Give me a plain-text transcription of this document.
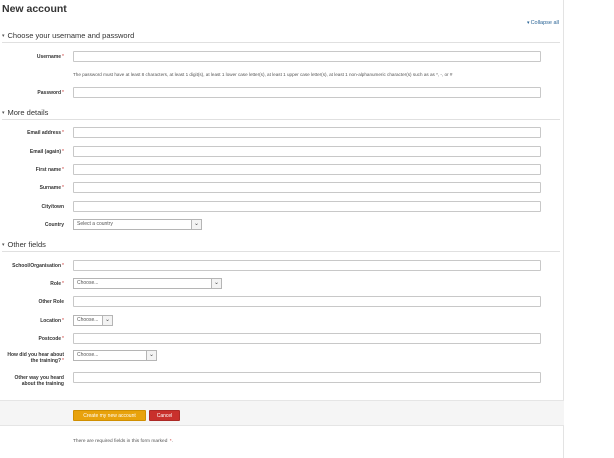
New account
▾Collapse all
▾ Choose your username and password
Username*
The password must have at least 8 characters, at least 1 digit(s), at least 1 lower case letter(s), at least 1 upper case letter(s), at least 1 non-alphanumeric character(s) such as as *, -, or #
Password*
▾ More details
Email address*
Email (again)*
First name*
Surname*
City/town
Country	Select a country	⌄
▾ Other fields
School/Organisation*
Role*	Choose...	⌄
Other Role
Location*	Choose...	⌄
Postcode*
How did you hear about
the training?*
Choose...	⌄
Other way you heard
about the training
Create my new account	Cancel
There are required fields in this form marked *.
